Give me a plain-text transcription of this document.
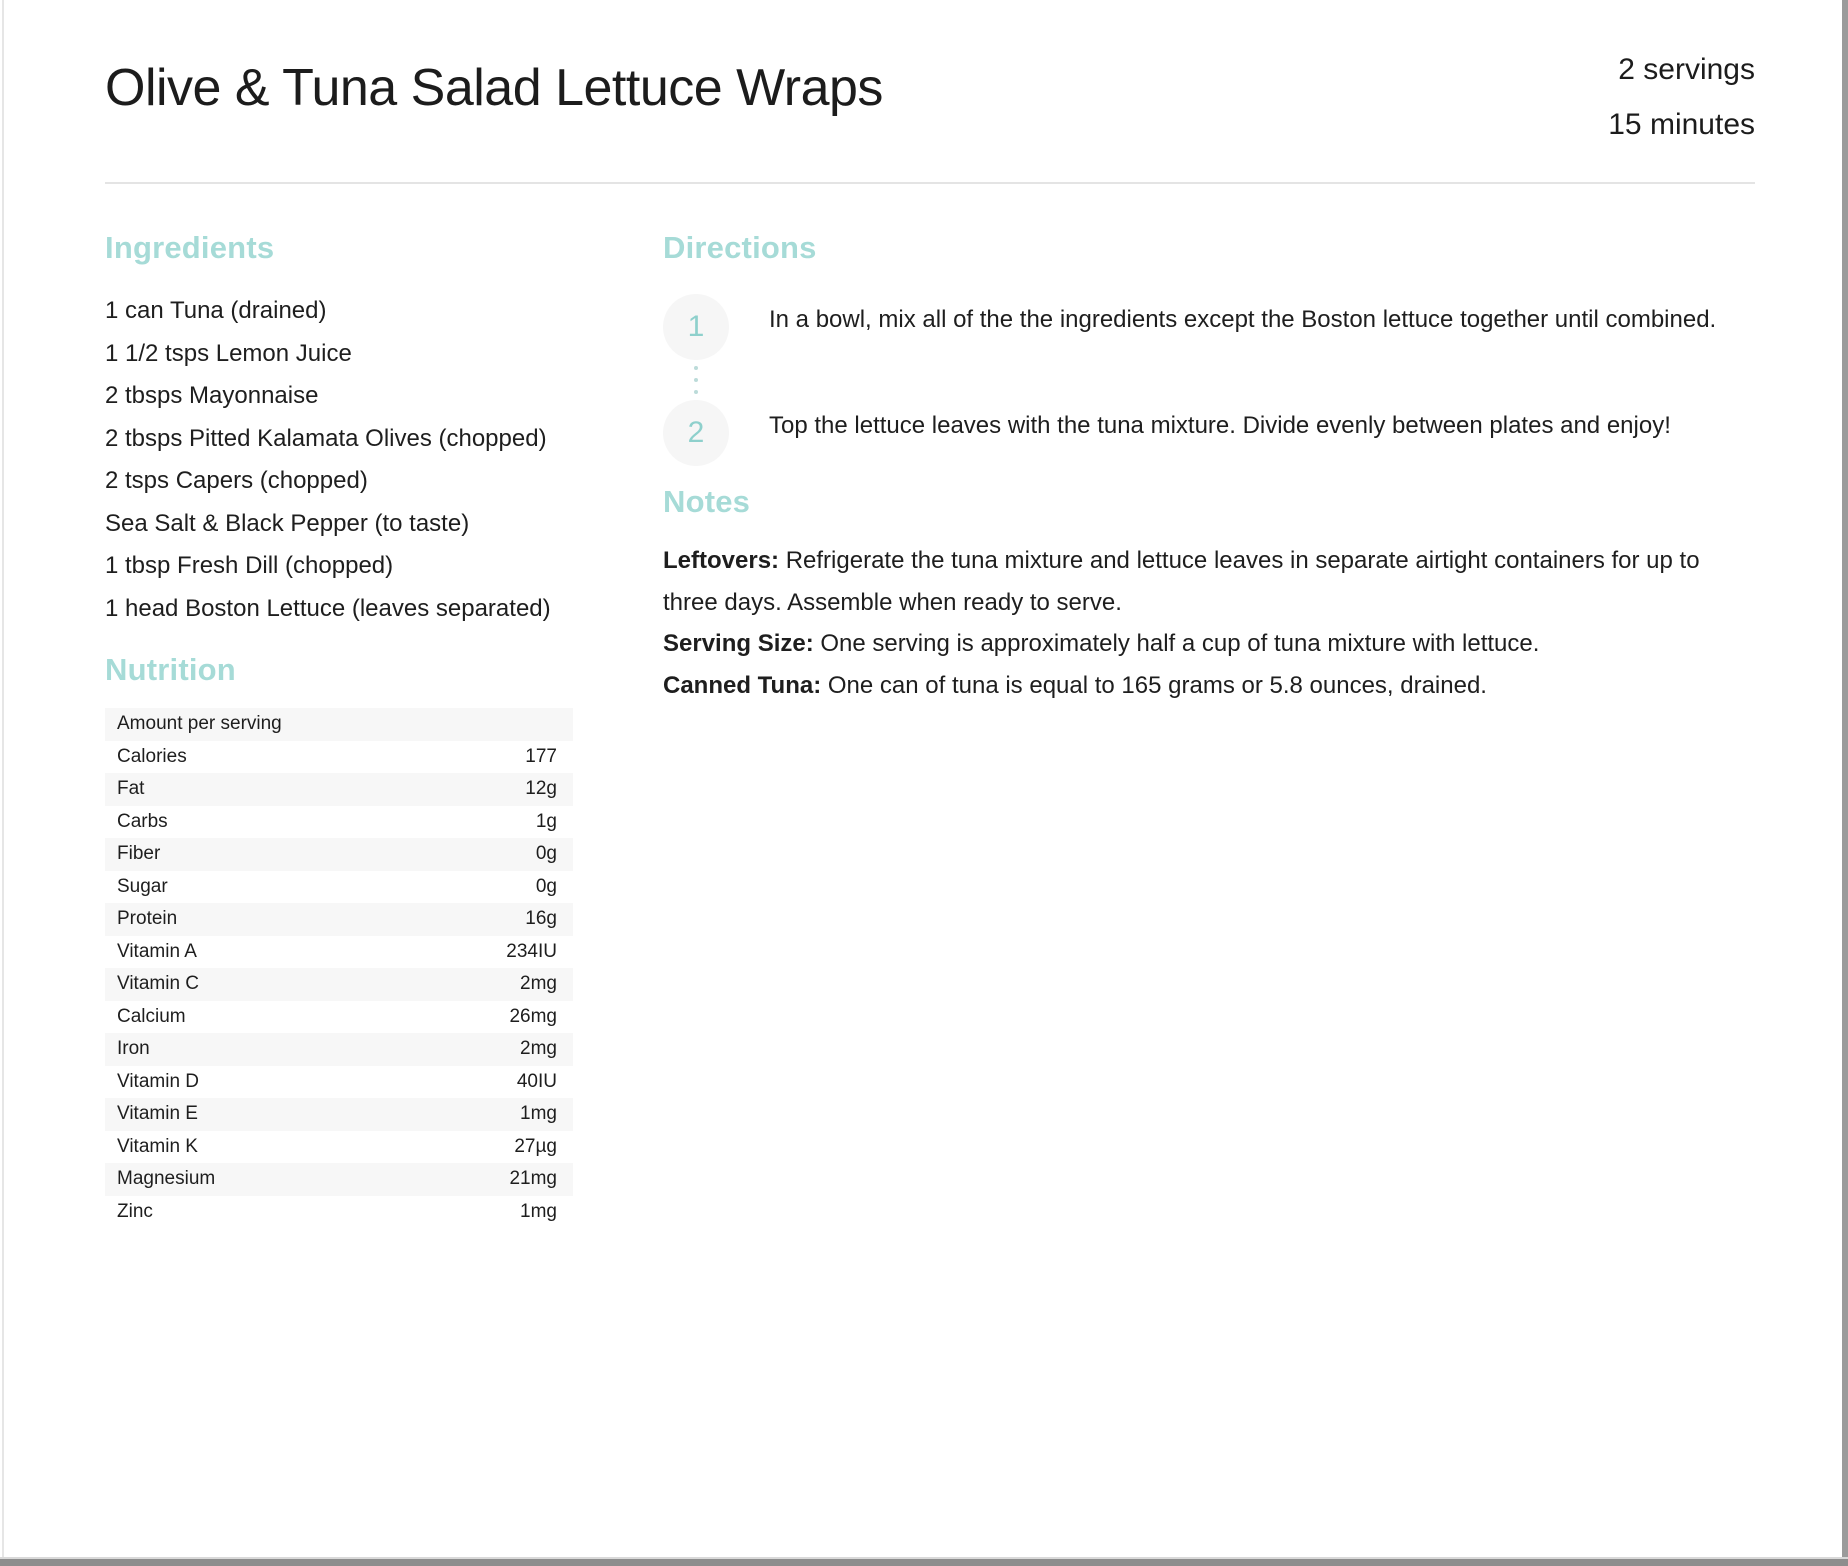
Olive & Tuna Salad Lettuce Wraps	2 servings
15 minutes
Ingredients
1 can Tuna (drained)
1 1/2 tsps Lemon Juice
2 tbsps Mayonnaise
2 tbsps Pitted Kalamata Olives (chopped)
2 tsps Capers (chopped)
Sea Salt & Black Pepper (to taste)
1 tbsp Fresh Dill (chopped)
1 head Boston Lettuce (leaves separated)
Nutrition
Amount per serving
Calories	177
Fat	12g
Carbs	1g
Fiber	0g
Sugar	0g
Protein	16g
Vitamin A	234IU
Vitamin C	2mg
Calcium	26mg
Iron	2mg
Vitamin D	40IU
Vitamin E	1mg
Vitamin K	27µg
Magnesium	21mg
Zinc	1mg
Directions
1	In a bowl, mix all of the the ingredients except the Boston lettuce together until combined.
2	Top the lettuce leaves with the tuna mixture. Divide evenly between plates and enjoy!
Notes
Leftovers: Refrigerate the tuna mixture and lettuce leaves in separate airtight containers for up to three days. Assemble when ready to serve.
Serving Size: One serving is approximately half a cup of tuna mixture with lettuce.
Canned Tuna: One can of tuna is equal to 165 grams or 5.8 ounces, drained.
